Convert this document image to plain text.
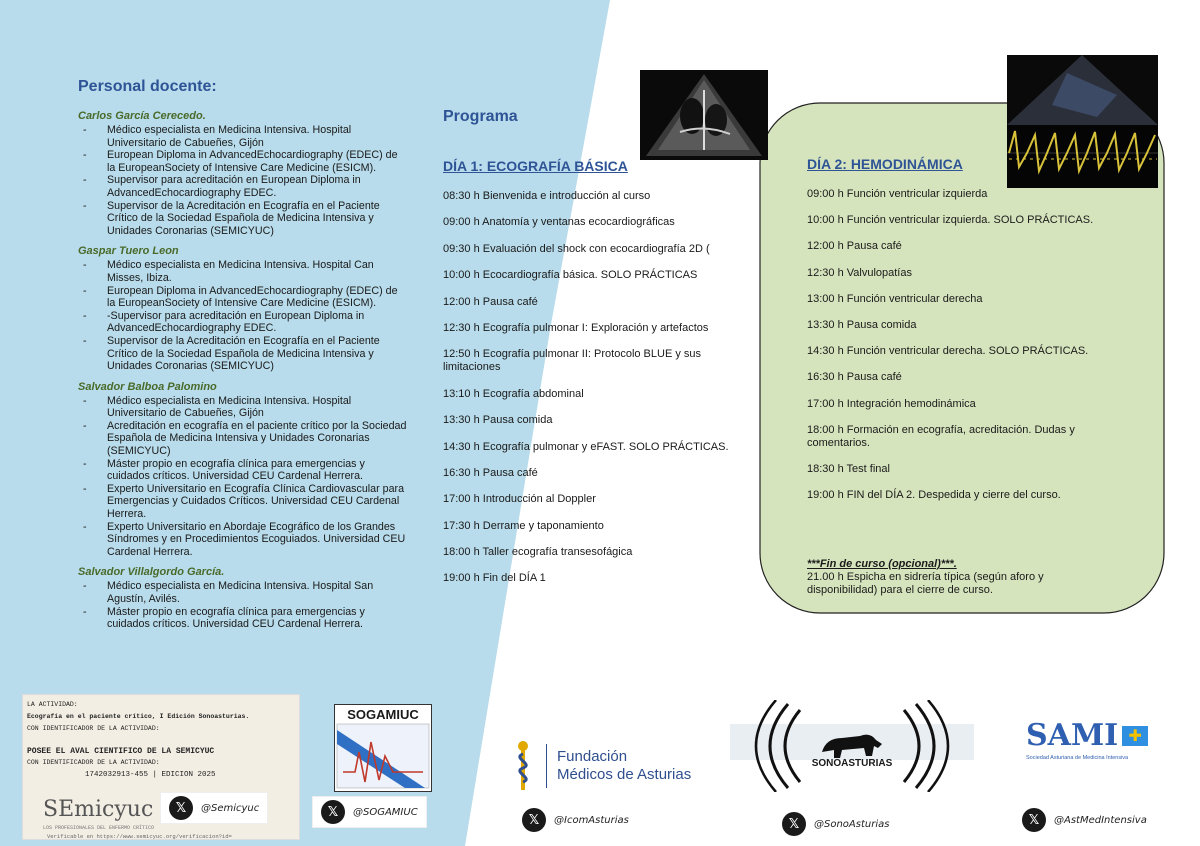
Personal docente:
Carlos García Cerecedo.
- Médico especialista en Medicina Intensiva. Hospital Universitario de Cabueñes, Gijón
- European Diploma in AdvancedEchocardiography (EDEC) de la EuropeanSociety of Intensive Care Medicine (ESICM).
- Supervisor para acreditación en European Diploma in AdvancedEchocardiography EDEC.
- Supervisor de la Acreditación en Ecografía en el Paciente Crítico de la Sociedad Española de Medicina Intensiva y Unidades Coronarias (SEMICYUC)
Gaspar Tuero Leon
- Médico especialista en Medicina Intensiva. Hospital Can Misses, Ibiza.
- European Diploma in AdvancedEchocardiography (EDEC) de la EuropeanSociety of Intensive Care Medicine (ESICM).
- -Supervisor para acreditación en European Diploma in AdvancedEchocardiography EDEC.
- Supervisor de la Acreditación en Ecografía en el Paciente Crítico de la Sociedad Española de Medicina Intensiva y Unidades Coronarias (SEMICYUC)
Salvador Balboa Palomino
- Médico especialista en Medicina Intensiva. Hospital Universitario de Cabueñes, Gijón
- Acreditación en ecografía en el paciente crítico por la Sociedad Española de Medicina Intensiva y Unidades Coronarias (SEMICYUC)
- Máster propio en ecografía clínica para emergencias y cuidados críticos. Universidad CEU Cardenal Herrera.
- Experto Universitario en Ecografía Clínica Cardiovascular para Emergencias y Cuidados Críticos. Universidad CEU Cardenal Herrera.
- Experto Universitario en Abordaje Ecográfico de los Grandes Síndromes y en Procedimientos Ecoguiados. Universidad CEU Cardenal Herrera.
Salvador Villalgordo García.
- Médico especialista en Medicina Intensiva. Hospital San Agustín, Avilés.
- Máster propio en ecografía clínica para emergencias y cuidados críticos. Universidad CEU Cardenal Herrera.
Programa
DÍA 1: ECOGRAFÍA BÁSICA
08:30 h Bienvenida e introducción al curso
09:00 h Anatomía y ventanas ecocardiográficas
09:30 h Evaluación del shock con ecocardiografía 2D (
10:00 h Ecocardiografía básica. SOLO PRÁCTICAS
12:00 h Pausa café
12:30 h Ecografía pulmonar I: Exploración y artefactos
12:50 h Ecografía pulmonar II: Protocolo BLUE y sus limitaciones
13:10 h Ecografía abdominal
13:30 h Pausa comida
14:30 h Ecografía pulmonar y eFAST. SOLO PRÁCTICAS.
16:30 h Pausa café
17:00 h Introducción al Doppler
17:30 h Derrame y taponamiento
18:00 h Taller ecografía transesofágica
19:00 h Fin del DÍA 1
DÍA 2: HEMODINÁMICA
09:00 h Función ventricular izquierda
10:00 h Función ventricular izquierda. SOLO PRÁCTICAS.
12:00 h Pausa café
12:30 h Valvulopatías
13:00 h Función ventricular derecha
13:30 h Pausa comida
14:30 h Función ventricular derecha. SOLO PRÁCTICAS.
16:30 h Pausa café
17:00 h Integración hemodinámica
18:00 h Formación en ecografía, acreditación. Dudas y comentarios.
18:30 h Test final
19:00 h FIN del DÍA 2. Despedida y cierre del curso.
***Fin de curso (opcional)***.
21.00 h Espicha en sidrería típica (según aforo y disponibilidad) para el cierre de curso.
LA ACTIVIDAD:
Ecografía en el paciente crítico, I Edición Sonoasturias.
CON IDENTIFICADOR DE LA ACTIVIDAD:
POSEE EL AVAL CIENTIFICO DE LA SEMICYUC
CON IDENTIFICADOR DE LA ACTIVIDAD:
1742032913-455 | EDICION 2025
SEmicyuc
LOS PROFESIONALES DEL ENFERMO CRÍTICO
Verificable en https://www.semicyuc.org/verificacion?id=
𝕏	@Semicyuc
SOGAMIUC
𝕏	@SOGAMIUC
Fundación
Médicos de Asturias
𝕏	@IcomAsturias
SONOASTURIAS
𝕏	@SonoAsturias
SAMI ✚
Sociedad Asturiana de Medicina Intensiva
𝕏	@AstMedIntensiva
